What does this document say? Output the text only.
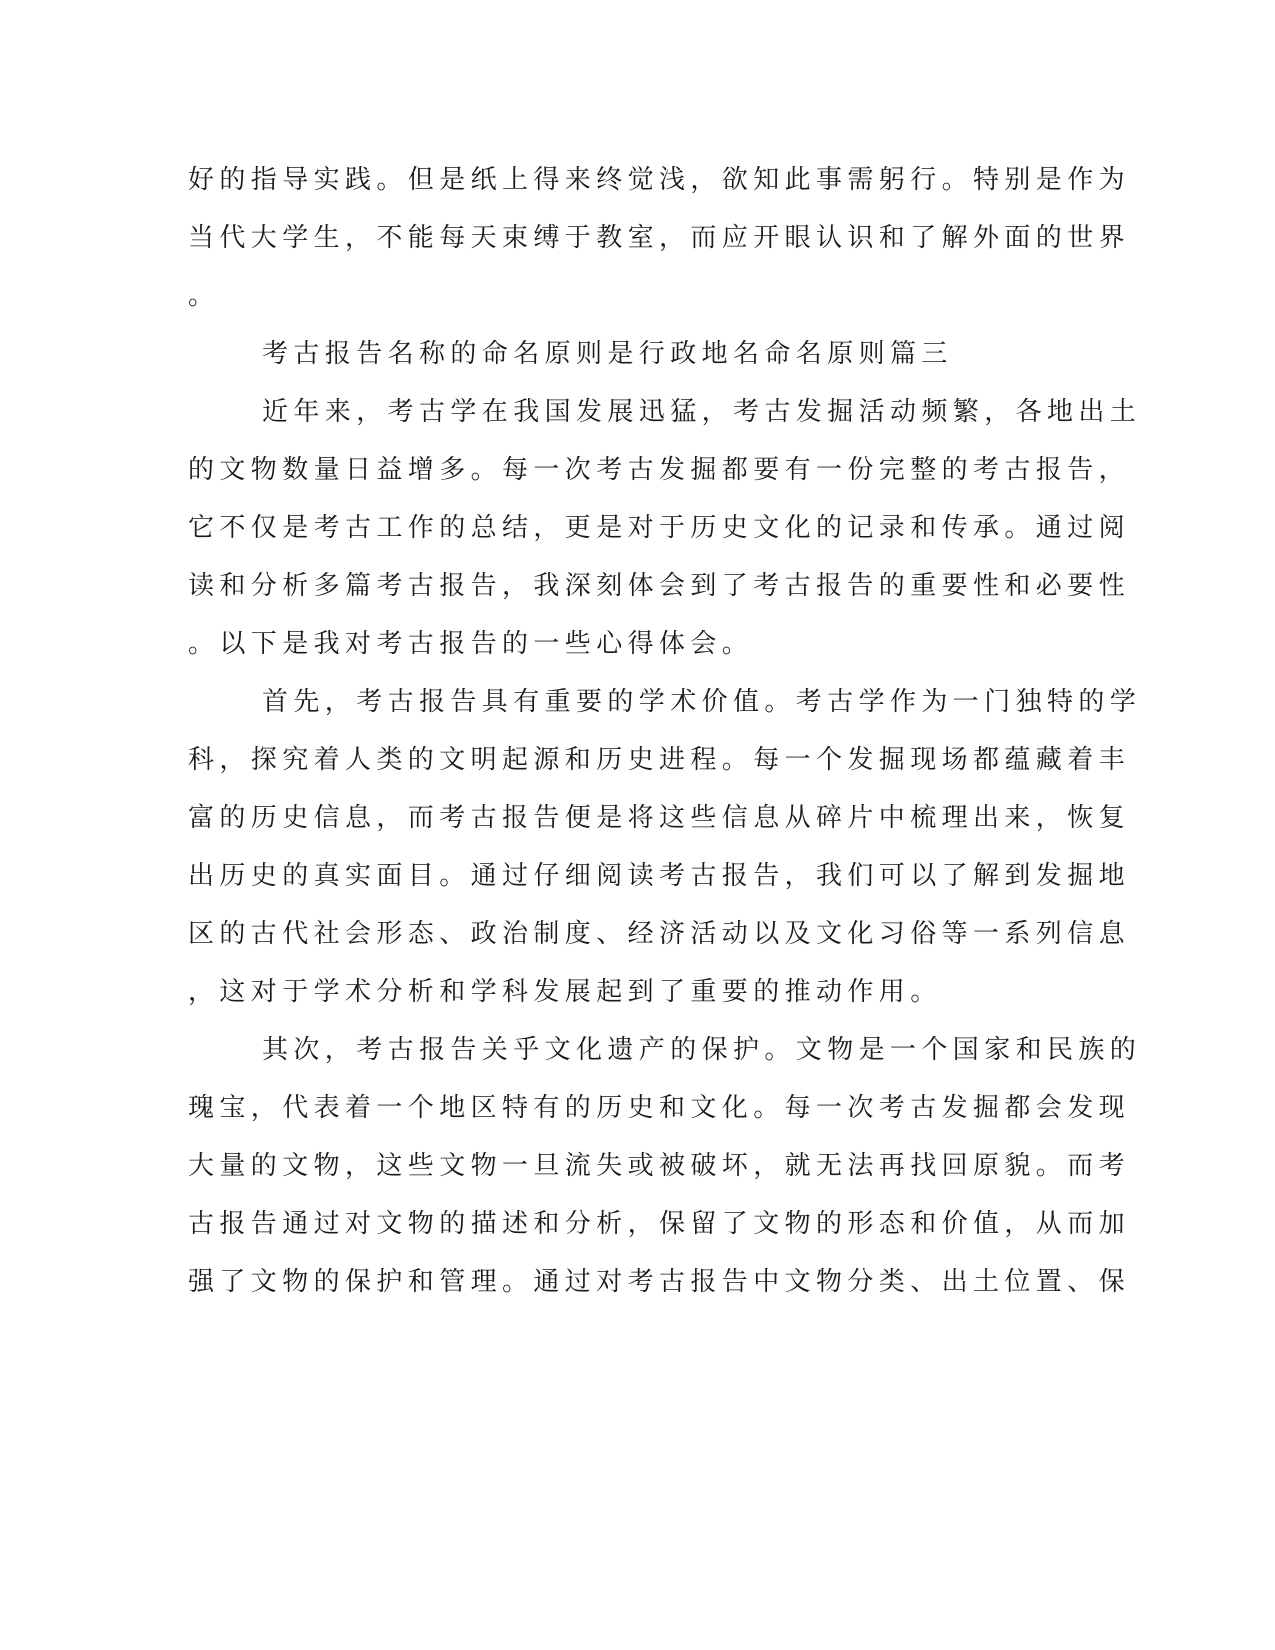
好的指导实践。但是纸上得来终觉浅，欲知此事需躬行。特别是作为
当代大学生，不能每天束缚于教室，而应开眼认识和了解外面的世界
。
考古报告名称的命名原则是行政地名命名原则篇三
近年来，考古学在我国发展迅猛，考古发掘活动频繁，各地出土
的文物数量日益增多。每一次考古发掘都要有一份完整的考古报告，
它不仅是考古工作的总结，更是对于历史文化的记录和传承。通过阅
读和分析多篇考古报告，我深刻体会到了考古报告的重要性和必要性
。以下是我对考古报告的一些心得体会。
首先，考古报告具有重要的学术价值。考古学作为一门独特的学
科，探究着人类的文明起源和历史进程。每一个发掘现场都蕴藏着丰
富的历史信息，而考古报告便是将这些信息从碎片中梳理出来，恢复
出历史的真实面目。通过仔细阅读考古报告，我们可以了解到发掘地
区的古代社会形态、政治制度、经济活动以及文化习俗等一系列信息
，这对于学术分析和学科发展起到了重要的推动作用。
其次，考古报告关乎文化遗产的保护。文物是一个国家和民族的
瑰宝，代表着一个地区特有的历史和文化。每一次考古发掘都会发现
大量的文物，这些文物一旦流失或被破坏，就无法再找回原貌。而考
古报告通过对文物的描述和分析，保留了文物的形态和价值，从而加
强了文物的保护和管理。通过对考古报告中文物分类、出土位置、保
